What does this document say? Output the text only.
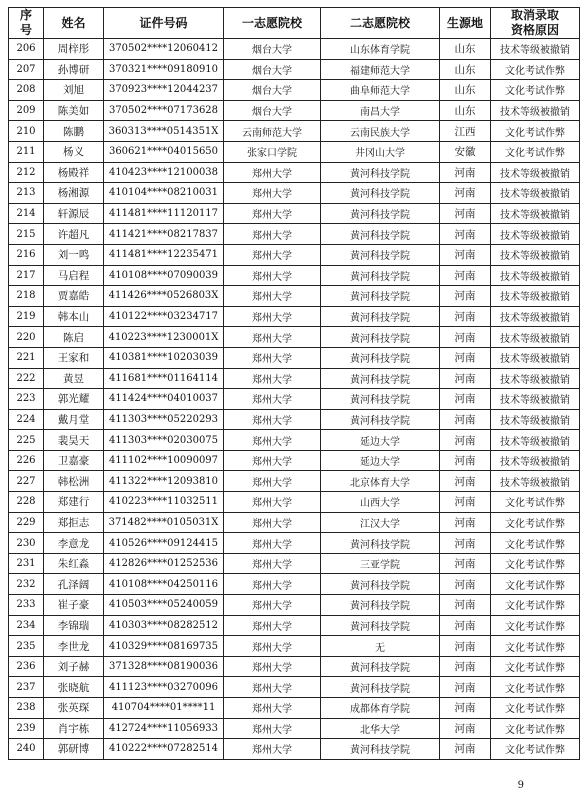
序
号	姓名	证件号码	一志愿院校	二志愿院校	生源地	取消录取
资格原因
206	周梓彤	370502****12060412	烟台大学	山东体育学院	山东	技术等级被撤销
207	孙博研	370321****09180910	烟台大学	福建师范大学	山东	文化考试作弊
208	刘旭	370923****12044237	烟台大学	曲阜师范大学	山东	文化考试作弊
209	陈美如	370502****07173628	烟台大学	南昌大学	山东	技术等级被撤销
210	陈鹏	360313****0514351X	云南师范大学	云南民族大学	江西	文化考试作弊
211	杨义	360621****04015650	张家口学院	井冈山大学	安徽	文化考试作弊
212	杨殿祥	410423****12100038	郑州大学	黄河科技学院	河南	技术等级被撤销
213	杨湘源	410104****08210031	郑州大学	黄河科技学院	河南	技术等级被撤销
214	轩源辰	411481****11120117	郑州大学	黄河科技学院	河南	技术等级被撤销
215	许超凡	411421****08217837	郑州大学	黄河科技学院	河南	技术等级被撤销
216	刘一鸣	411481****12235471	郑州大学	黄河科技学院	河南	技术等级被撤销
217	马启程	410108****07090039	郑州大学	黄河科技学院	河南	技术等级被撤销
218	贾嘉皓	411426****0526803X	郑州大学	黄河科技学院	河南	技术等级被撤销
219	韩本山	410122****03234717	郑州大学	黄河科技学院	河南	技术等级被撤销
220	陈启	410223****1230001X	郑州大学	黄河科技学院	河南	技术等级被撤销
221	王家和	410381****10203039	郑州大学	黄河科技学院	河南	技术等级被撤销
222	黄昱	411681****01164114	郑州大学	黄河科技学院	河南	技术等级被撤销
223	郭光耀	411424****04010037	郑州大学	黄河科技学院	河南	技术等级被撤销
224	戴月堂	411303****05220293	郑州大学	黄河科技学院	河南	技术等级被撤销
225	裴昊天	411303****02030075	郑州大学	延边大学	河南	技术等级被撤销
226	卫嘉豪	411102****10090097	郑州大学	延边大学	河南	技术等级被撤销
227	韩松洲	411322****12093810	郑州大学	北京体育大学	河南	技术等级被撤销
228	郑建行	410223****11032511	郑州大学	山西大学	河南	文化考试作弊
229	郑拒志	371482****0105031X	郑州大学	江汉大学	河南	文化考试作弊
230	李意龙	410526****09124415	郑州大学	黄河科技学院	河南	文化考试作弊
231	朱红淼	412826****01252536	郑州大学	三亚学院	河南	文化考试作弊
232	孔泽阔	410108****04250116	郑州大学	黄河科技学院	河南	文化考试作弊
233	崔子豪	410503****05240059	郑州大学	黄河科技学院	河南	文化考试作弊
234	李锦瑞	410303****08282512	郑州大学	黄河科技学院	河南	文化考试作弊
235	李世龙	410329****08169735	郑州大学	无	河南	文化考试作弊
236	刘子赫	371328****08190036	郑州大学	黄河科技学院	河南	文化考试作弊
237	张晓航	411123****03270096	郑州大学	黄河科技学院	河南	文化考试作弊
238	张英琛	410704****01****11	郑州大学	成都体育学院	河南	文化考试作弊
239	肖宇栋	412724****11056933	郑州大学	北华大学	河南	文化考试作弊
240	郭研博	410222****07282514	郑州大学	黄河科技学院	河南	文化考试作弊
9
